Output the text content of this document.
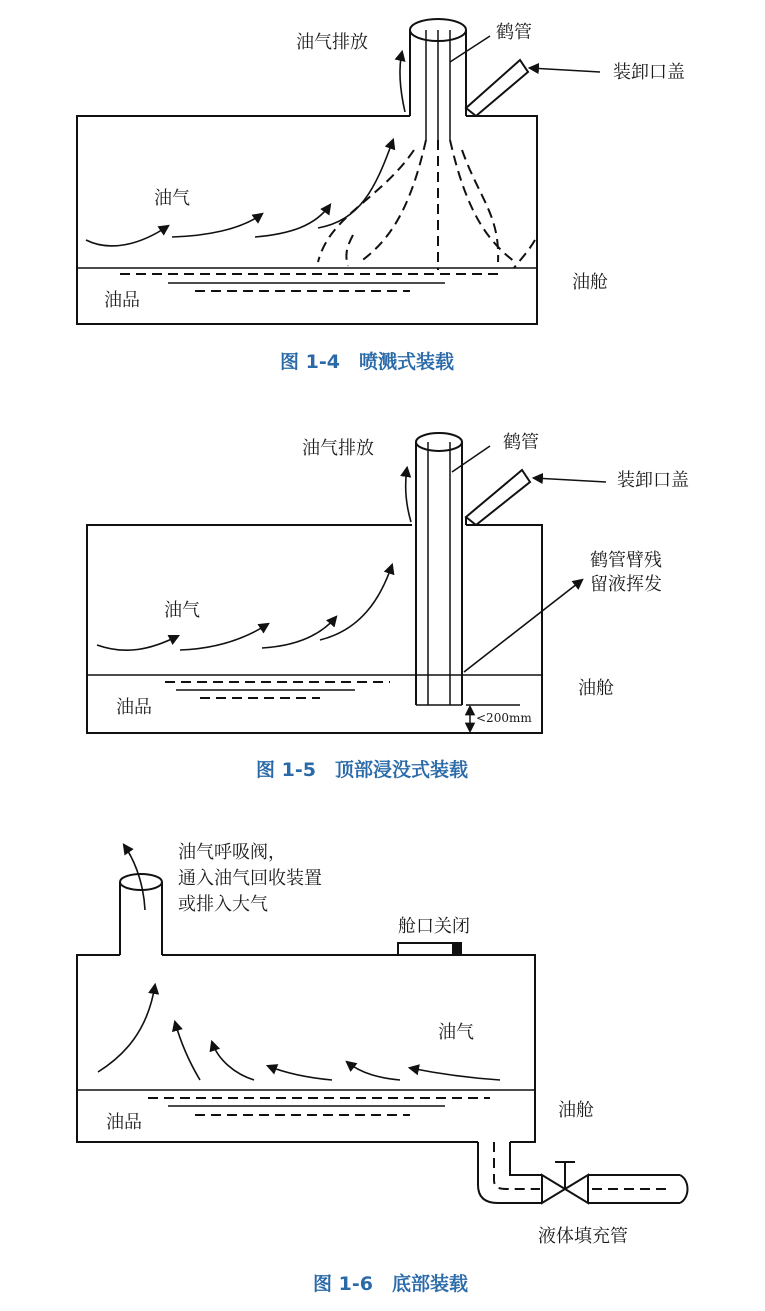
油气排放	鹤管
装卸口盖
油气
油舱
油品
图 1-4　喷溅式装载
油气排放	鹤管
装卸口盖
鹤管臂残
留液挥发
油气
油舱
油品	<200mm
图 1-5　顶部浸没式装载
油气呼吸阀，
通入油气回收装置
或排入大气
舱口关闭
油气
油舱
油品
液体填充管
图 1-6　底部装载
